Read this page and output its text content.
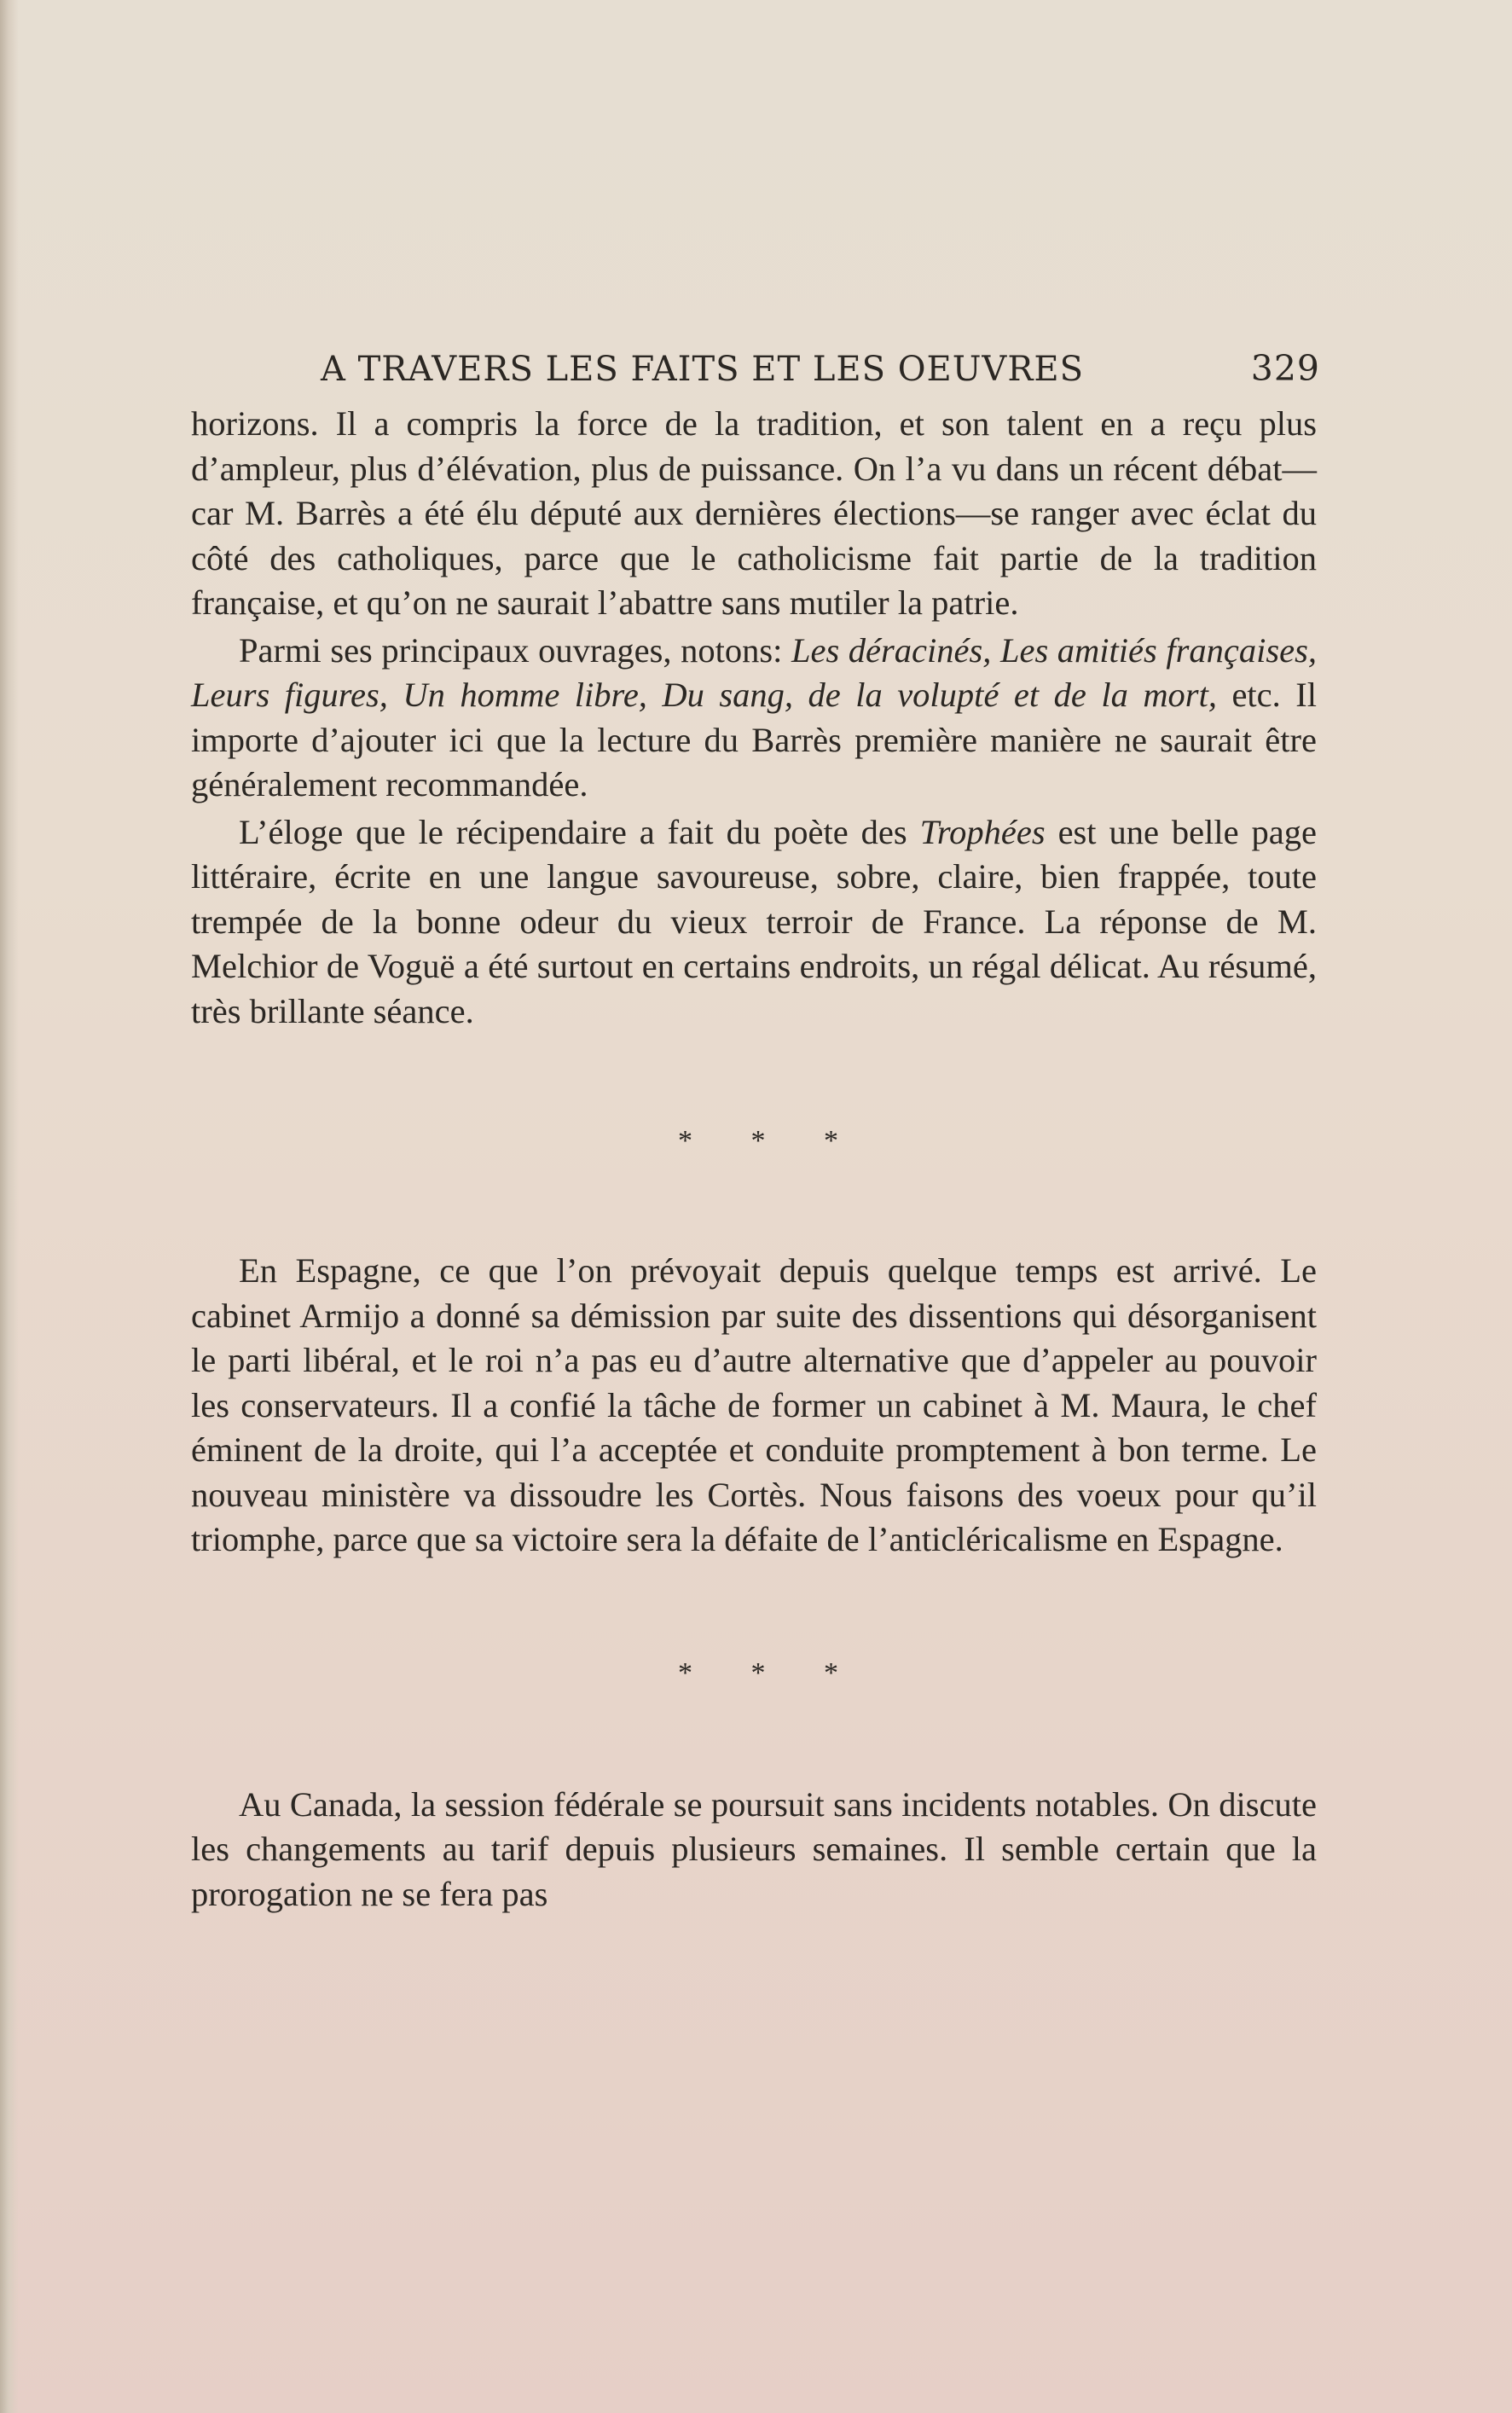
A TRAVERS LES FAITS ET LES OEUVRES	329

horizons. Il a compris la force de la tradition, et son talent en a reçu plus d’ampleur, plus d’élévation, plus de puissance. On l’a vu dans un récent débat—car M. Barrès a été élu député aux dernières élections—se ranger avec éclat du côté des catholiques, parce que le catholicisme fait partie de la tradition française, et qu’on ne saurait l’abattre sans mutiler la patrie.

Parmi ses principaux ouvrages, notons: Les déracinés, Les amitiés françaises, Leurs figures, Un homme libre, Du sang, de la volupté et de la mort, etc. Il importe d’ajouter ici que la lecture du Barrès première manière ne saurait être généralement recommandée.

L’éloge que le récipendaire a fait du poète des Trophées est une belle page littéraire, écrite en une langue savoureuse, sobre, claire, bien frappée, toute trempée de la bonne odeur du vieux terroir de France. La réponse de M. Melchior de Voguë a été surtout en certains endroits, un régal délicat. Au résumé, très brillante séance.

* * *

En Espagne, ce que l’on prévoyait depuis quelque temps est arrivé. Le cabinet Armijo a donné sa démission par suite des dissentions qui désorganisent le parti libéral, et le roi n’a pas eu d’autre alternative que d’appeler au pouvoir les conservateurs. Il a confié la tâche de former un cabinet à M. Maura, le chef éminent de la droite, qui l’a acceptée et conduite promptement à bon terme. Le nouveau ministère va dissoudre les Cortès. Nous faisons des voeux pour qu’il triomphe, parce que sa victoire sera la défaite de l’anticléricalisme en Espagne.

* * *

Au Canada, la session fédérale se poursuit sans incidents notables. On discute les changements au tarif depuis plusieurs semaines. Il semble certain que la prorogation ne se fera pas
